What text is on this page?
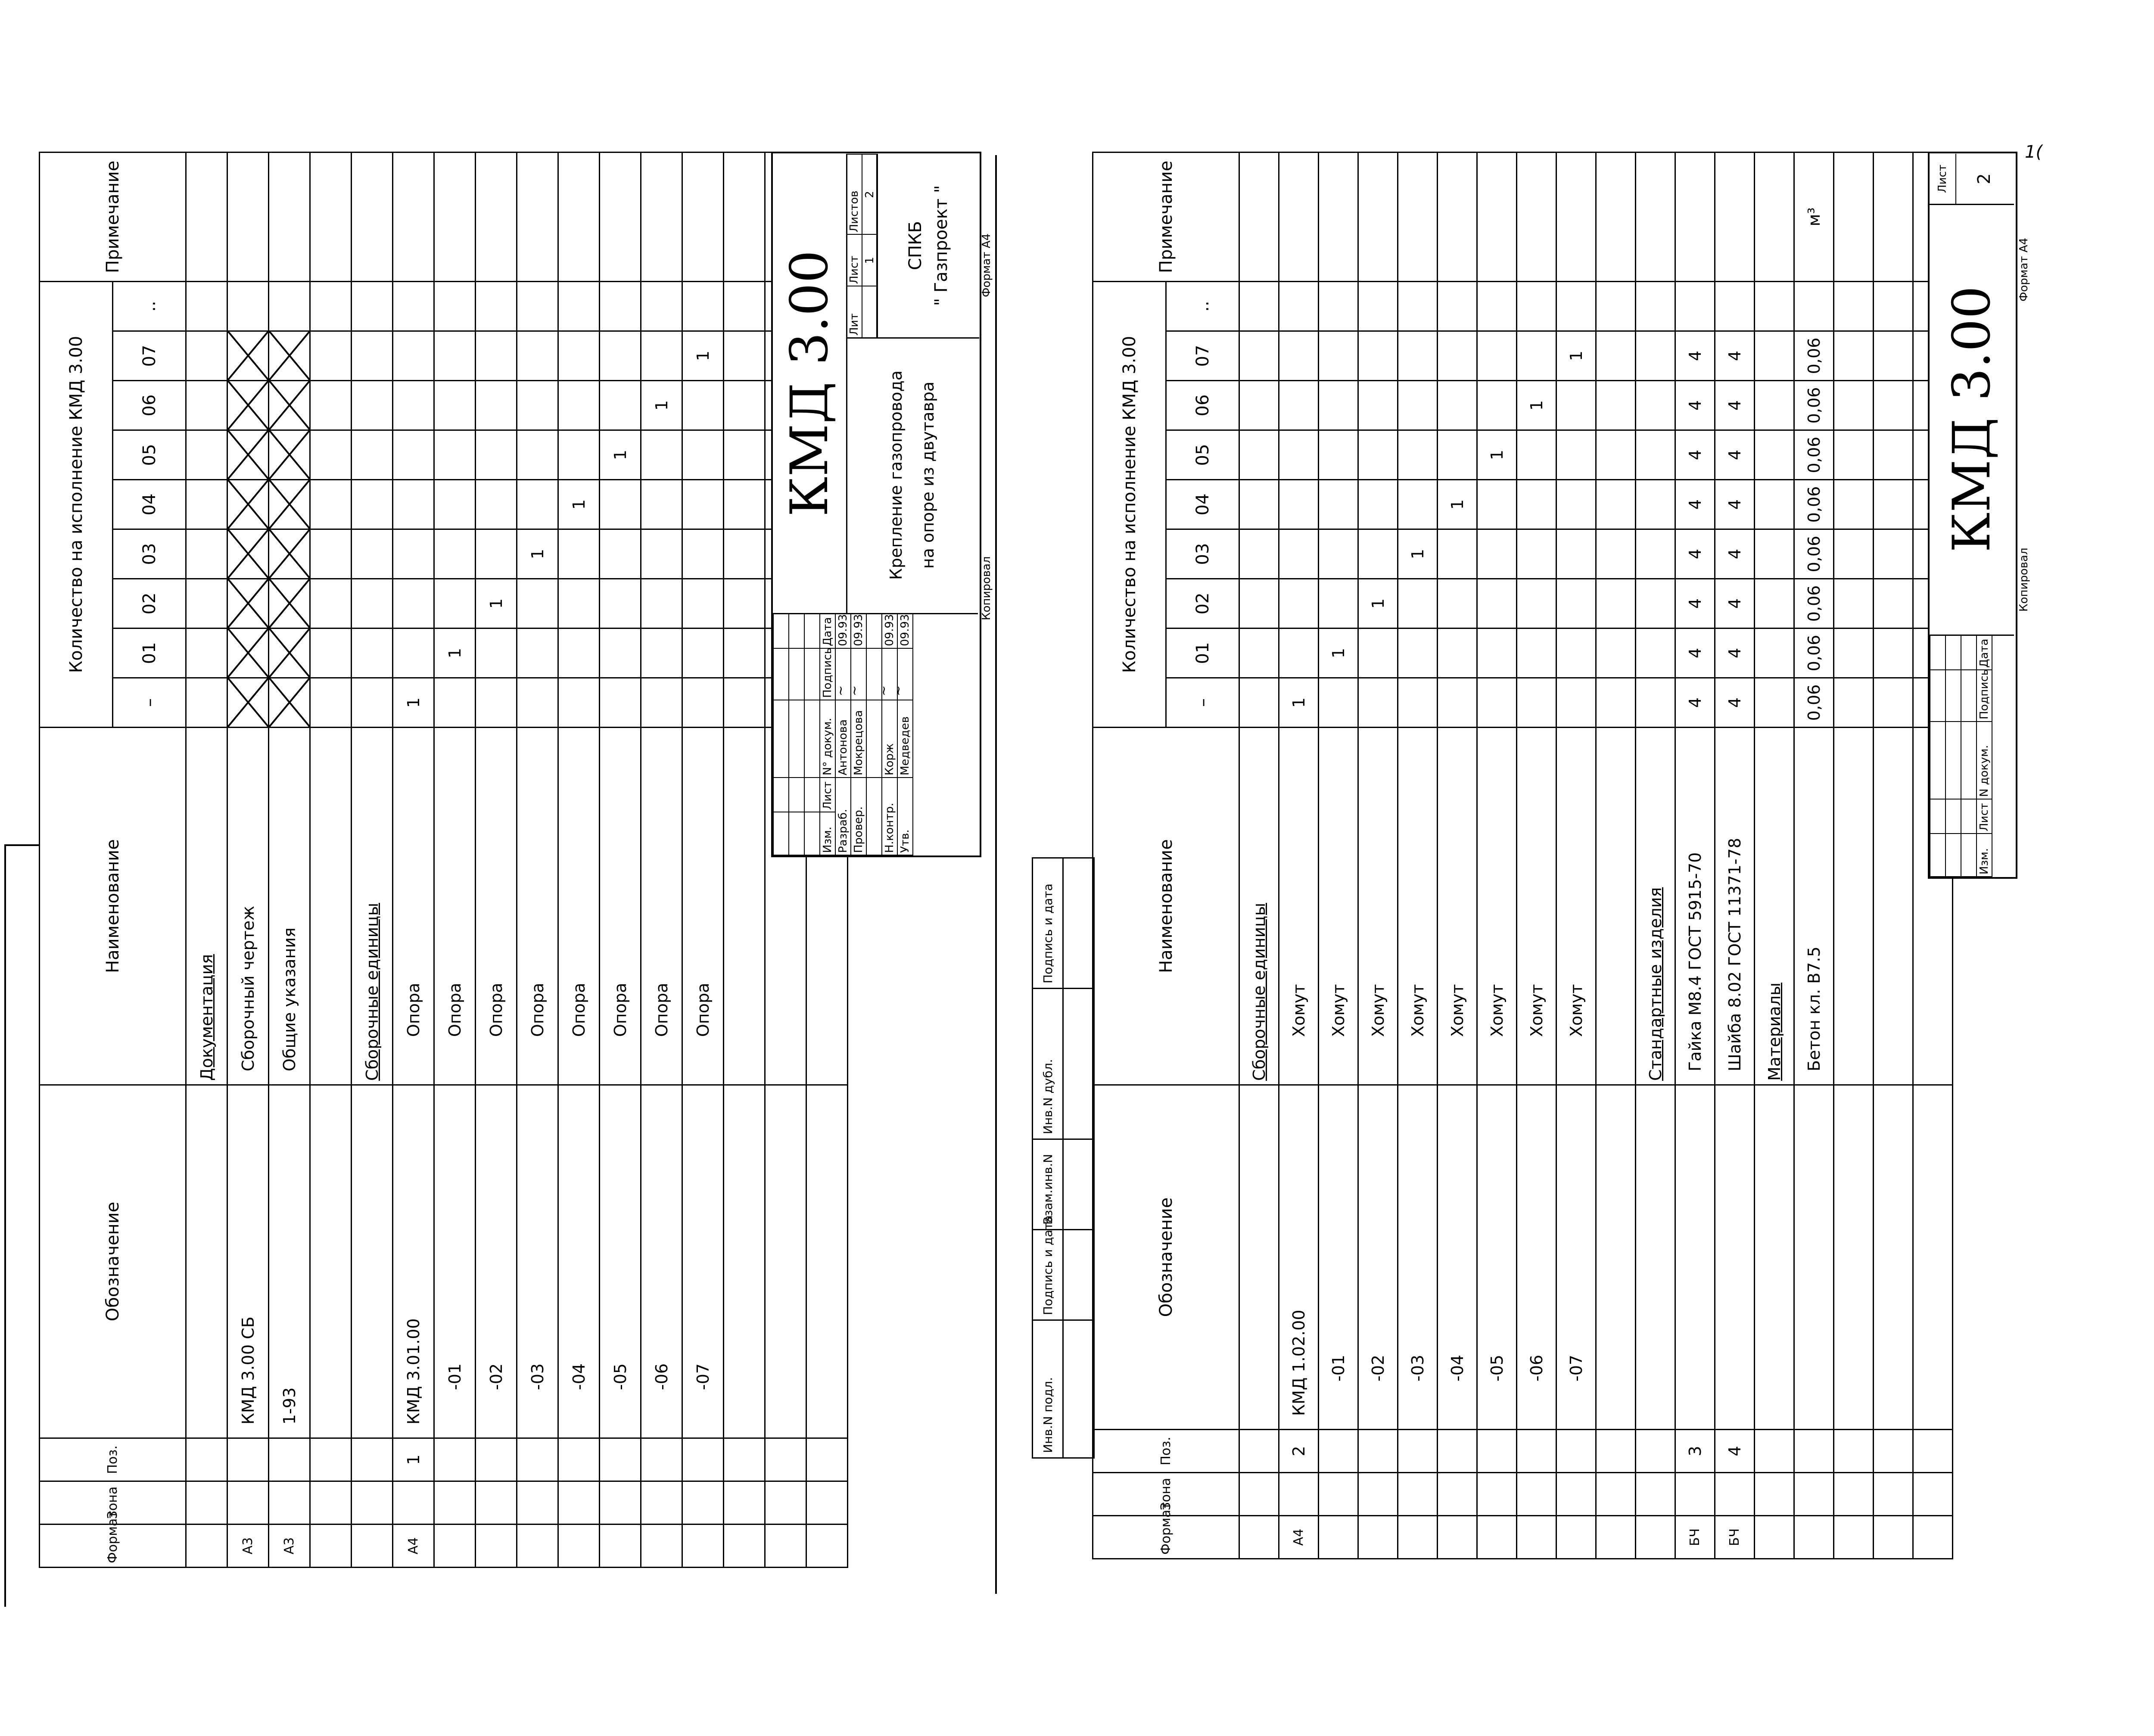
Формат	Зона	Поз.	Обозначение	Наименование	Количество на исполнение КМД 3.00									Примечание
					–	01	02	03	04	05	06	07	..	
				Документация										
A3			КМД 3.00 СБ	Сборочный чертеж										
A3			1-93	Общие указания										

				Сборочные единицы										
A4		1	КМД 3.01.00	Опора	1									
			-01	Опора		1								
			-02	Опора			1							
			-03	Опора				1						
			-04	Опора					1					
			-05	Опора						1				
			-06	Опора							1			
			-07	Опора								1		

Изм.	Лист	N° докум.	Подпись	Дата
Разраб.		Антонова		09.93
Провер.		Мокрецова		09.93

Н.контр.		Корж		09.93
Утв.		Медведев		09.93
~
~ ~ ~
КМД 3.00	Крепление газопровода на опоре из двутавра
Лит	Лист	Листов
	1	2
СПКБ " Газпроект "
Копировал
Формат А4
Инв.N подл.
Подпись и дата
Взам.инв.N
Инв.N дубл.
Подпись и дата
Формат	Зона	Поз.	Обозначение	Наименование	Количество на исполнение КМД 3.00									Примечание
					–	01	02	03	04	05	06	07	..	
				Сборочные единицы										
A4		2	КМД 1.02.00	Хомут	1									
			-01	Хомут		1								
			-02	Хомут			1							
			-03	Хомут				1						
			-04	Хомут					1					
			-05	Хомут						1				
			-06	Хомут							1			
			-07	Хомут								1		

				Стандартные изделия										
БЧ		3		Гайка М8.4 ГОСТ 5915-70	4	4	4	4	4	4	4	4		
БЧ		4		Шайба 8.02 ГОСТ 11371-78	4	4	4	4	4	4	4	4		
				Материалы										
				Бетон кл. В7.5	0,06	0,06	0,06	0,06	0,06	0,06	0,06	0,06		м³

Изм.	Лист	N докум.	Подпись	Дата
КМД 3.00
Лист	2
Копировал
Формат А4
1(
